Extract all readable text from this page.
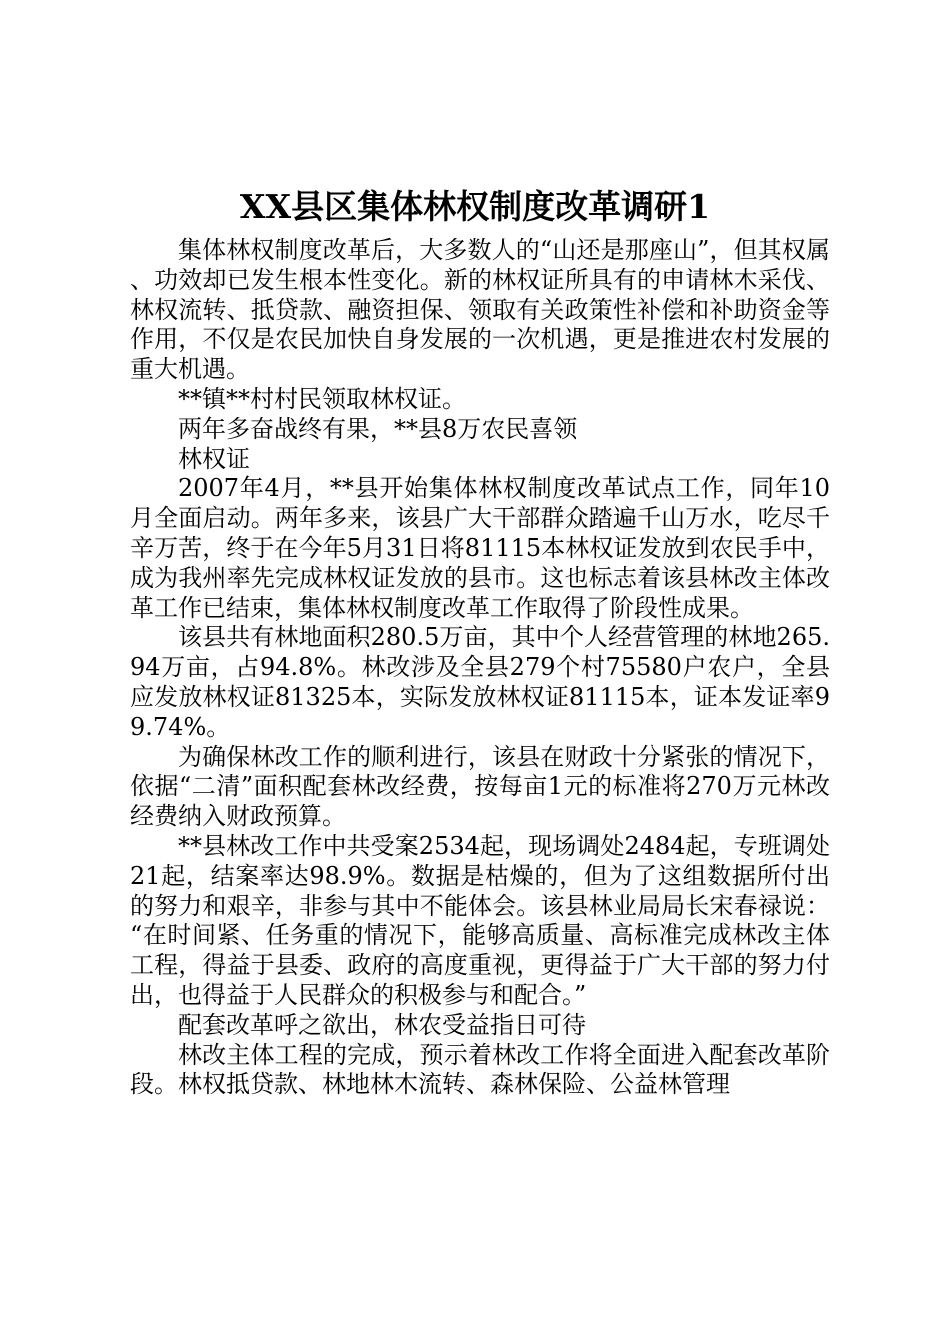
XX县区集体林权制度改革调研1

集体林权制度改革后，大多数人的“山还是那座山”，但其权属、功效却已发生根本性变化。新的林权证所具有的申请林木采伐、林权流转、抵贷款、融资担保、领取有关政策性补偿和补助资金等作用，不仅是农民加快自身发展的一次机遇，更是推进农村发展的重大机遇。

**镇**村村民领取林权证。

两年多奋战终有果，**县8万农民喜领

林权证

2007年4月，**县开始集体林权制度改革试点工作，同年10月全面启动。两年多来，该县广大干部群众踏遍千山万水，吃尽千辛万苦，终于在今年5月31日将81115本林权证发放到农民手中，成为我州率先完成林权证发放的县市。这也标志着该县林改主体改革工作已结束，集体林权制度改革工作取得了阶段性成果。

该县共有林地面积280.5万亩，其中个人经营管理的林地265.94万亩，占94.8%。林改涉及全县279个村75580户农户，全县应发放林权证81325本，实际发放林权证81115本，证本发证率99.74%。

为确保林改工作的顺利进行，该县在财政十分紧张的情况下，依据“二清”面积配套林改经费，按每亩1元的标准将270万元林改经费纳入财政预算。

**县林改工作中共受案2534起，现场调处2484起，专班调处21起，结案率达98.9%。数据是枯燥的，但为了这组数据所付出的努力和艰辛，非参与其中不能体会。该县林业局局长宋春禄说：“在时间紧、任务重的情况下，能够高质量、高标准完成林改主体工程，得益于县委、政府的高度重视，更得益于广大干部的努力付出，也得益于人民群众的积极参与和配合。”

配套改革呼之欲出，林农受益指日可待

林改主体工程的完成，预示着林改工作将全面进入配套改革阶段。林权抵贷款、林地林木流转、森林保险、公益林管理
